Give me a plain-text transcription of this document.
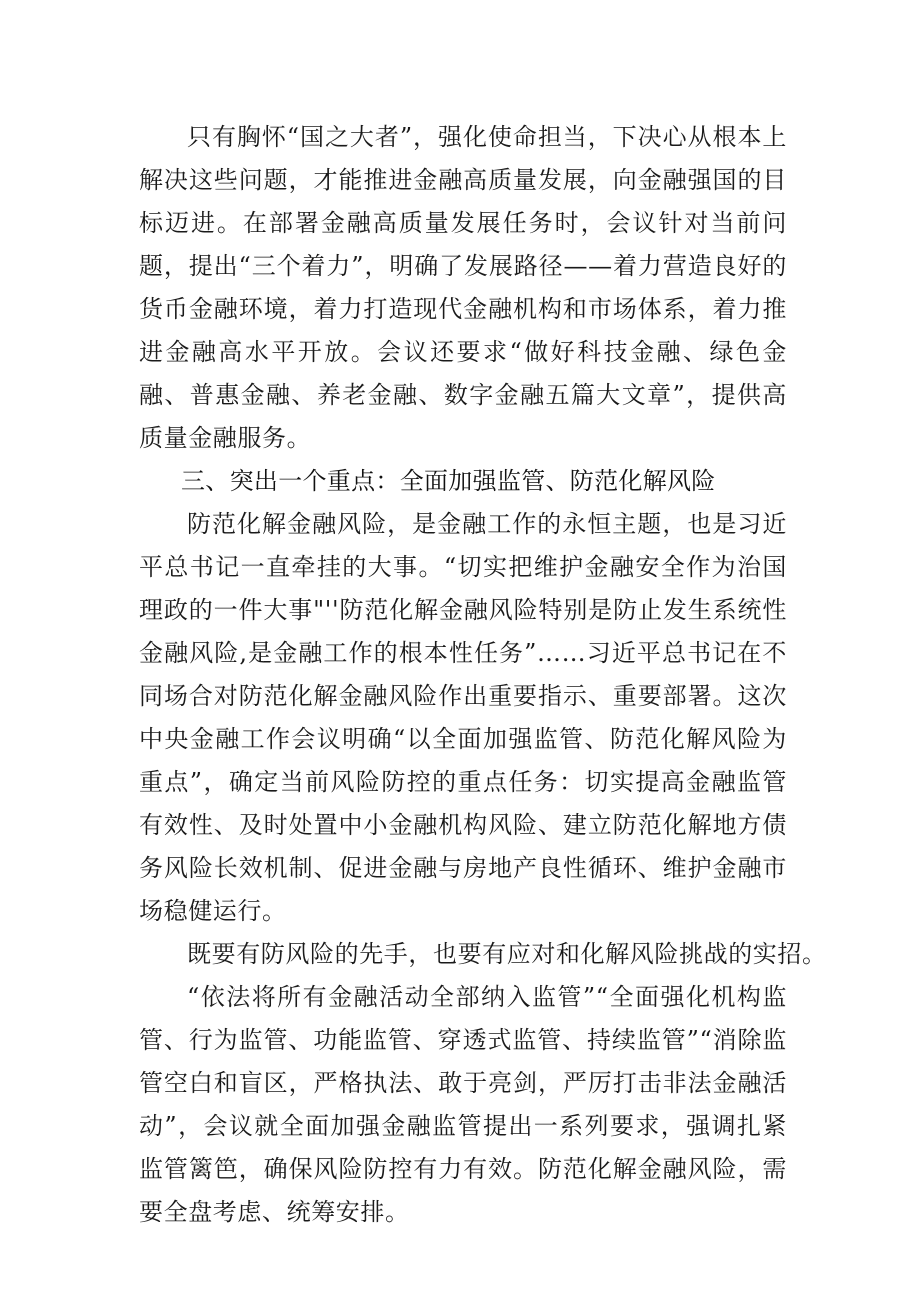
只有胸怀“国之大者”，强化使命担当，下决心从根本上解决这些问题，才能推进金融高质量发展，向金融强国的目标迈进。在部署金融高质量发展任务时，会议针对当前问题，提出“三个着力”，明确了发展路径——着力营造良好的货币金融环境，着力打造现代金融机构和市场体系，着力推进金融高水平开放。会议还要求“做好科技金融、绿色金融、普惠金融、养老金融、数字金融五篇大文章”，提供高质量金融服务。

三、突出一个重点：全面加强监管、防范化解风险

防范化解金融风险，是金融工作的永恒主题，也是习近平总书记一直牵挂的大事。“切实把维护金融安全作为治国理政的一件大事"''防范化解金融风险特别是防止发生系统性金融风险,是金融工作的根本性任务”……习近平总书记在不同场合对防范化解金融风险作出重要指示、重要部署。这次中央金融工作会议明确“以全面加强监管、防范化解风险为重点”，确定当前风险防控的重点任务：切实提高金融监管有效性、及时处置中小金融机构风险、建立防范化解地方债务风险长效机制、促进金融与房地产良性循环、维护金融市场稳健运行。

既要有防风险的先手，也要有应对和化解风险挑战的实招。

“依法将所有金融活动全部纳入监管”“全面强化机构监管、行为监管、功能监管、穿透式监管、持续监管”“消除监管空白和盲区，严格执法、敢于亮剑，严厉打击非法金融活动”，会议就全面加强金融监管提出一系列要求，强调扎紧监管篱笆，确保风险防控有力有效。防范化解金融风险，需要全盘考虑、统筹安排。
